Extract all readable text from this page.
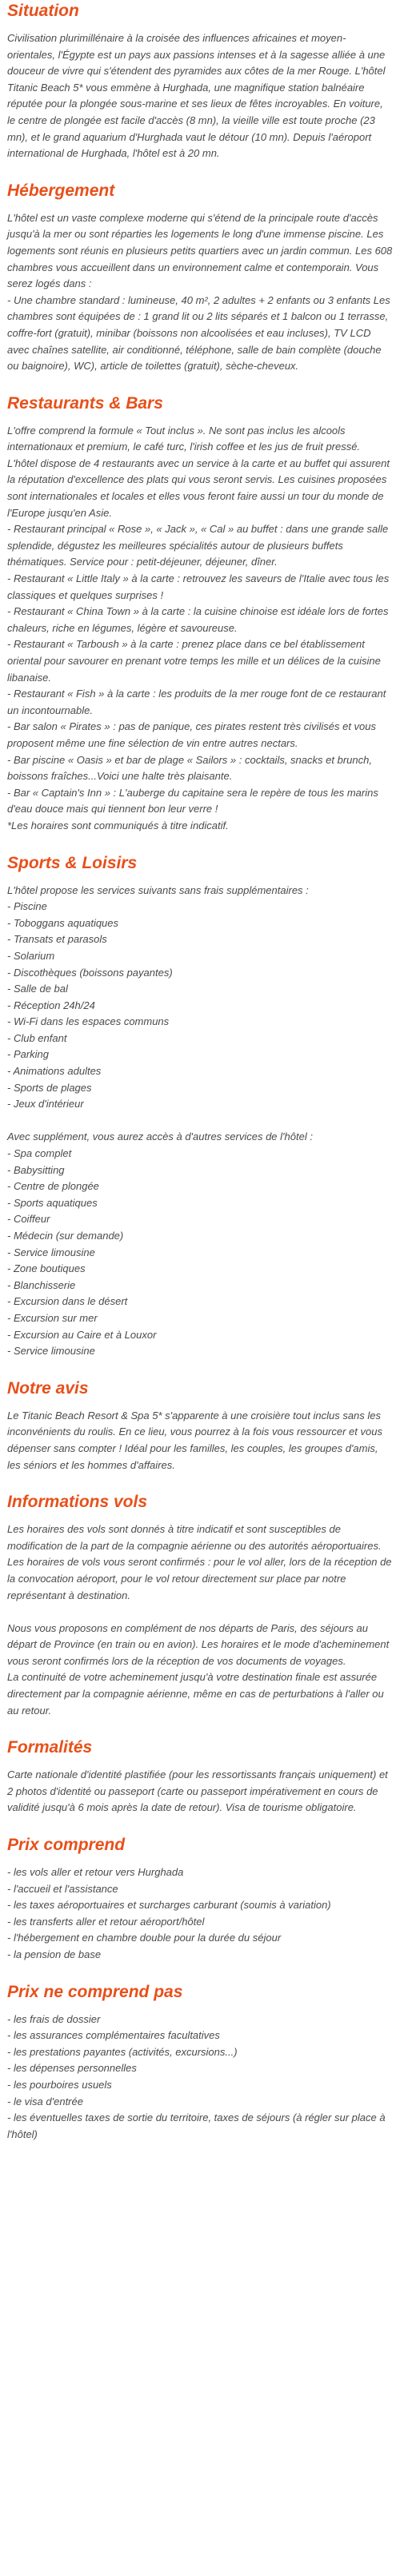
Situation

Civilisation plurimillénaire à la croisée des influences africaines et moyen-orientales, l'Égypte est un pays aux passions intenses et à la sagesse alliée à une douceur de vivre qui s'étendent des pyramides aux côtes de la mer Rouge. L'hôtel Titanic Beach 5* vous emmène à Hurghada, une magnifique station balnéaire réputée pour la plongée sous-marine et ses lieux de fêtes incroyables. En voiture, le centre de plongée est facile d'accès (8 mn), la vieille ville est toute proche (23 mn), et le grand aquarium d'Hurghada vaut le détour (10 mn). Depuis l'aéroport international de Hurghada, l'hôtel est à 20 mn.

Hébergement

L'hôtel est un vaste complexe moderne qui s'étend de la principale route d'accès jusqu'à la mer ou sont réparties les logements le long d'une immense piscine. Les logements sont réunis en plusieurs petits quartiers avec un jardin commun. Les 608 chambres vous accueillent dans un environnement calme et contemporain. Vous serez logés dans :

- Une chambre standard : lumineuse, 40 m², 2 adultes + 2 enfants ou 3 enfants Les chambres sont équipées de : 1 grand lit ou 2 lits séparés et 1 balcon ou 1 terrasse, coffre-fort (gratuit), minibar (boissons non alcoolisées et eau incluses), TV LCD avec chaînes satellite, air conditionné, téléphone, salle de bain complète (douche ou baignoire), WC), article de toilettes (gratuit), sèche-cheveux.

Restaurants & Bars

L'offre comprend la formule « Tout inclus ». Ne sont pas inclus les alcools internationaux et premium, le café turc, l'irish coffee et les jus de fruit pressé. L'hôtel dispose de 4 restaurants avec un service à la carte et au buffet qui assurent la réputation d'excellence des plats qui vous seront servis. Les cuisines proposées sont internationales et locales et elles vous feront faire aussi un tour du monde de l'Europe jusqu'en Asie.

- Restaurant principal « Rose », « Jack », « Cal » au buffet : dans une grande salle splendide, dégustez les meilleures spécialités autour de plusieurs buffets thématiques. Service pour : petit-déjeuner, déjeuner, dîner.

- Restaurant « Little Italy » à la carte : retrouvez les saveurs de l'Italie avec tous les classiques et quelques surprises !

- Restaurant « China Town » à la carte : la cuisine chinoise est idéale lors de fortes chaleurs, riche en légumes, légère et savoureuse.

- Restaurant « Tarboush » à la carte : prenez place dans ce bel établissement oriental pour savourer en prenant votre temps les mille et un délices de la cuisine libanaise.

- Restaurant « Fish » à la carte : les produits de la mer rouge font de ce restaurant un incontournable.

- Bar salon « Pirates » : pas de panique, ces pirates restent très civilisés et vous proposent même une fine sélection de vin entre autres nectars.

- Bar piscine « Oasis » et bar de plage « Sailors » : cocktails, snacks et brunch, boissons fraîches...Voici une halte très plaisante.

- Bar « Captain's Inn » : L'auberge du capitaine sera le repère de tous les marins d'eau douce mais qui tiennent bon leur verre !

*Les horaires sont communiqués à titre indicatif.

Sports & Loisirs

L'hôtel propose les services suivants sans frais supplémentaires :

- Piscine

- Toboggans aquatiques

- Transats et parasols

- Solarium

- Discothèques (boissons payantes)

- Salle de bal

- Réception 24h/24

- Wi-Fi dans les espaces communs

- Club enfant

- Parking

- Animations adultes

- Sports de plages

- Jeux d'intérieur

Avec supplément, vous aurez accès à d'autres services de l'hôtel :

- Spa complet

- Babysitting

- Centre de plongée

- Sports aquatiques

- Coiffeur

- Médecin (sur demande)

- Service limousine

- Zone boutiques

- Blanchisserie

- Excursion dans le désert

- Excursion sur mer

- Excursion au Caire et à Louxor

- Service limousine

Notre avis

Le Titanic Beach Resort & Spa 5* s'apparente à une croisière tout inclus sans les inconvénients du roulis. En ce lieu, vous pourrez à la fois vous ressourcer et vous dépenser sans compter ! Idéal pour les familles, les couples, les groupes d'amis, les séniors et les hommes d'affaires.

Informations vols

Les horaires des vols sont donnés à titre indicatif et sont susceptibles de modification de la part de la compagnie aérienne ou des autorités aéroportuaires.

Les horaires de vols vous seront confirmés : pour le vol aller, lors de la réception de la convocation aéroport, pour le vol retour directement sur place par notre représentant à destination.

Nous vous proposons en complément de nos départs de Paris, des séjours au départ de Province (en train ou en avion). Les horaires et le mode d'acheminement vous seront confirmés lors de la réception de vos documents de voyages.

La continuité de votre acheminement jusqu'à votre destination finale est assurée directement par la compagnie aérienne, même en cas de perturbations à l'aller ou au retour.

Formalités

Carte nationale d'identité plastifiée (pour les ressortissants français uniquement) et 2 photos d'identité ou passeport (carte ou passeport impérativement en cours de validité jusqu'à 6 mois après la date de retour). Visa de tourisme obligatoire.

Prix comprend

- les vols aller et retour vers Hurghada

- l'accueil et l'assistance

- les taxes aéroportuaires et surcharges carburant (soumis à variation)

- les transferts aller et retour aéroport/hôtel

- l'hébergement en chambre double pour la durée du séjour

- la pension de base

Prix ne comprend pas

- les frais de dossier

- les assurances complémentaires facultatives

- les prestations payantes (activités, excursions...)

- les dépenses personnelles

- les pourboires usuels

- le visa d'entrée

- les éventuelles taxes de sortie du territoire, taxes de séjours (à régler sur place à l'hôtel)
